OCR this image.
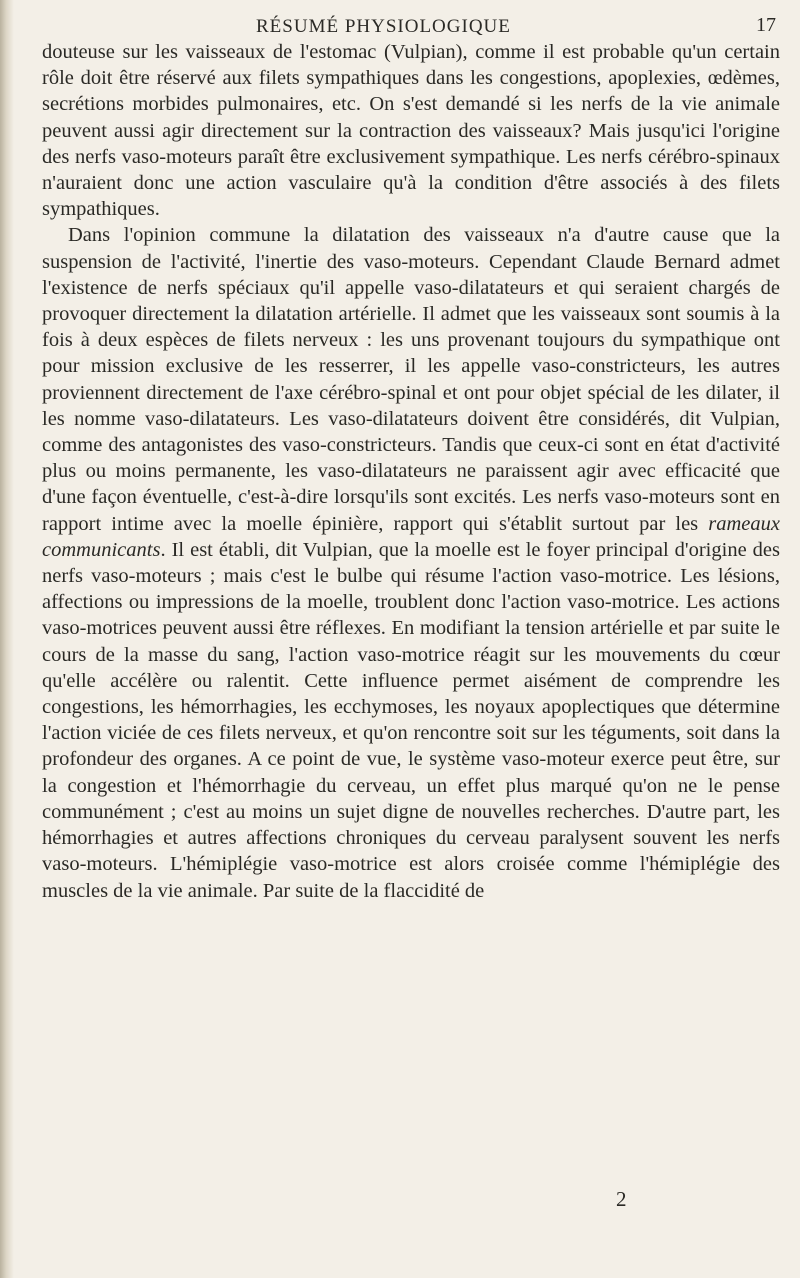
RÉSUMÉ PHYSIOLOGIQUE	17

douteuse sur les vaisseaux de l'estomac (Vulpian), comme il est probable qu'un certain rôle doit être réservé aux filets sympathiques dans les congestions, apoplexies, œdèmes, secrétions morbides pulmonaires, etc. On s'est demandé si les nerfs de la vie animale peuvent aussi agir directement sur la contraction des vaisseaux? Mais jusqu'ici l'origine des nerfs vaso-moteurs paraît être exclusivement sympathique. Les nerfs cérébro-spinaux n'auraient donc une action vasculaire qu'à la condition d'être associés à des filets sympathiques.

Dans l'opinion commune la dilatation des vaisseaux n'a d'autre cause que la suspension de l'activité, l'inertie des vaso-moteurs. Cependant Claude Bernard admet l'existence de nerfs spéciaux qu'il appelle vaso-dilatateurs et qui seraient chargés de provoquer directement la dilatation artérielle. Il admet que les vaisseaux sont soumis à la fois à deux espèces de filets nerveux : les uns provenant toujours du sympathique ont pour mission exclusive de les resserrer, il les appelle vaso-constricteurs, les autres proviennent directement de l'axe cérébro-spinal et ont pour objet spécial de les dilater, il les nomme vaso-dilatateurs. Les vaso-dilatateurs doivent être considérés, dit Vulpian, comme des antagonistes des vaso-constricteurs. Tandis que ceux-ci sont en état d'activité plus ou moins permanente, les vaso-dilatateurs ne paraissent agir avec efficacité que d'une façon éventuelle, c'est-à-dire lorsqu'ils sont excités. Les nerfs vaso-moteurs sont en rapport intime avec la moelle épinière, rapport qui s'établit surtout par les rameaux communicants. Il est établi, dit Vulpian, que la moelle est le foyer principal d'origine des nerfs vaso-moteurs ; mais c'est le bulbe qui résume l'action vaso-motrice. Les lésions, affections ou impressions de la moelle, troublent donc l'action vaso-motrice. Les actions vaso-motrices peuvent aussi être réflexes. En modifiant la tension artérielle et par suite le cours de la masse du sang, l'action vaso-motrice réagit sur les mouvements du cœur qu'elle accélère ou ralentit. Cette influence permet aisément de comprendre les congestions, les hémorrhagies, les ecchymoses, les noyaux apoplectiques que détermine l'action viciée de ces filets nerveux, et qu'on rencontre soit sur les téguments, soit dans la profondeur des organes. A ce point de vue, le système vaso-moteur exerce peut être, sur la congestion et l'hémorrhagie du cerveau, un effet plus marqué qu'on ne le pense communément ; c'est au moins un sujet digne de nouvelles recherches. D'autre part, les hémorrhagies et autres affections chroniques du cerveau paralysent souvent les nerfs vaso-moteurs. L'hémiplégie vaso-motrice est alors croisée comme l'hémiplégie des muscles de la vie animale. Par suite de la flaccidité de

2
